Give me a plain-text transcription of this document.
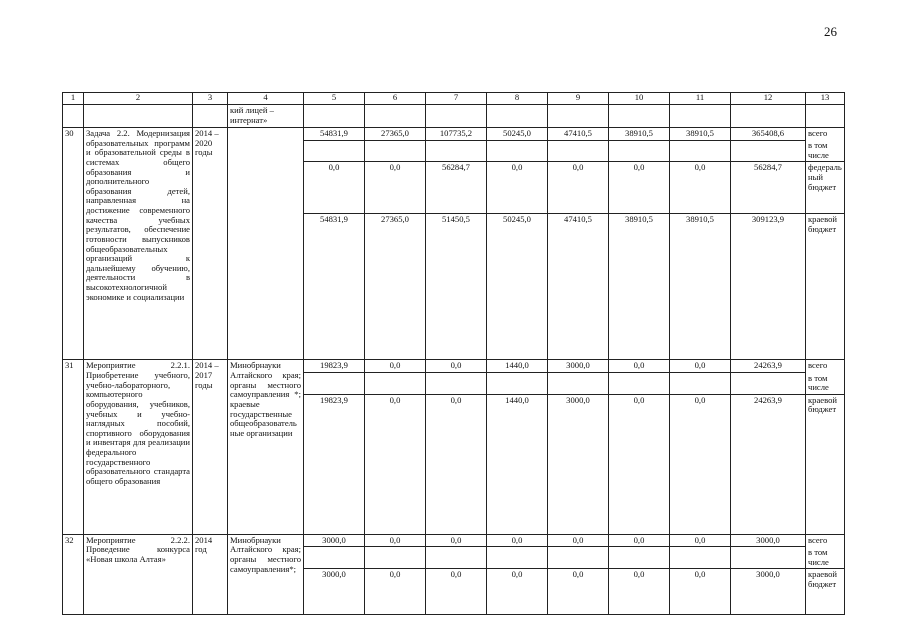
26
1	2	3	4	5	6	7	8	9	10	11	12	13
			кий лицей – интернат»									
30	Задача 2.2. Модернизация образовательных программ и образовательной среды в системах общего образования и дополнительного образования детей, направленная на достижение современного качества учебных результатов, обеспечение готовности выпускников общеобразовательных организаций к дальнейшему обучению, деятельности в высокотехнологичной экономике и социализации	2014 – 2020 годы		54831,9	27365,0	107735,2	50245,0	47410,5	38910,5	38910,5	365408,6	всего
												в том числе
				0,0	0,0	56284,7	0,0	0,0	0,0	0,0	56284,7	федеральный бюджет
				54831,9	27365,0	51450,5	50245,0	47410,5	38910,5	38910,5	309123,9	краевой бюджет
31	Мероприятие 2.2.1. Приобретение учебного, учебно-лабораторного, компьютерного оборудования, учебников, учебных и учебно-наглядных пособий, спортивного оборудования и инвентаря для реализации федерального государственного образовательного стандарта общего образования	2014 – 2017 годы	Минобрнауки Алтайского края; органы местного самоуправления *; краевые государственные общеобразовательные организации	19823,9	0,0	0,0	1440,0	3000,0	0,0	0,0	24263,9	всего
												в том числе
				19823,9	0,0	0,0	1440,0	3000,0	0,0	0,0	24263,9	краевой бюджет
32	Мероприятие 2.2.2. Проведение конкурса «Новая школа Алтая»	2014 год	Минобрнауки Алтайского края; органы местного самоуправления*;	3000,0	0,0	0,0	0,0	0,0	0,0	0,0	3000,0	всего
												в том числе
				3000,0	0,0	0,0	0,0	0,0	0,0	0,0	3000,0	краевой бюджет
